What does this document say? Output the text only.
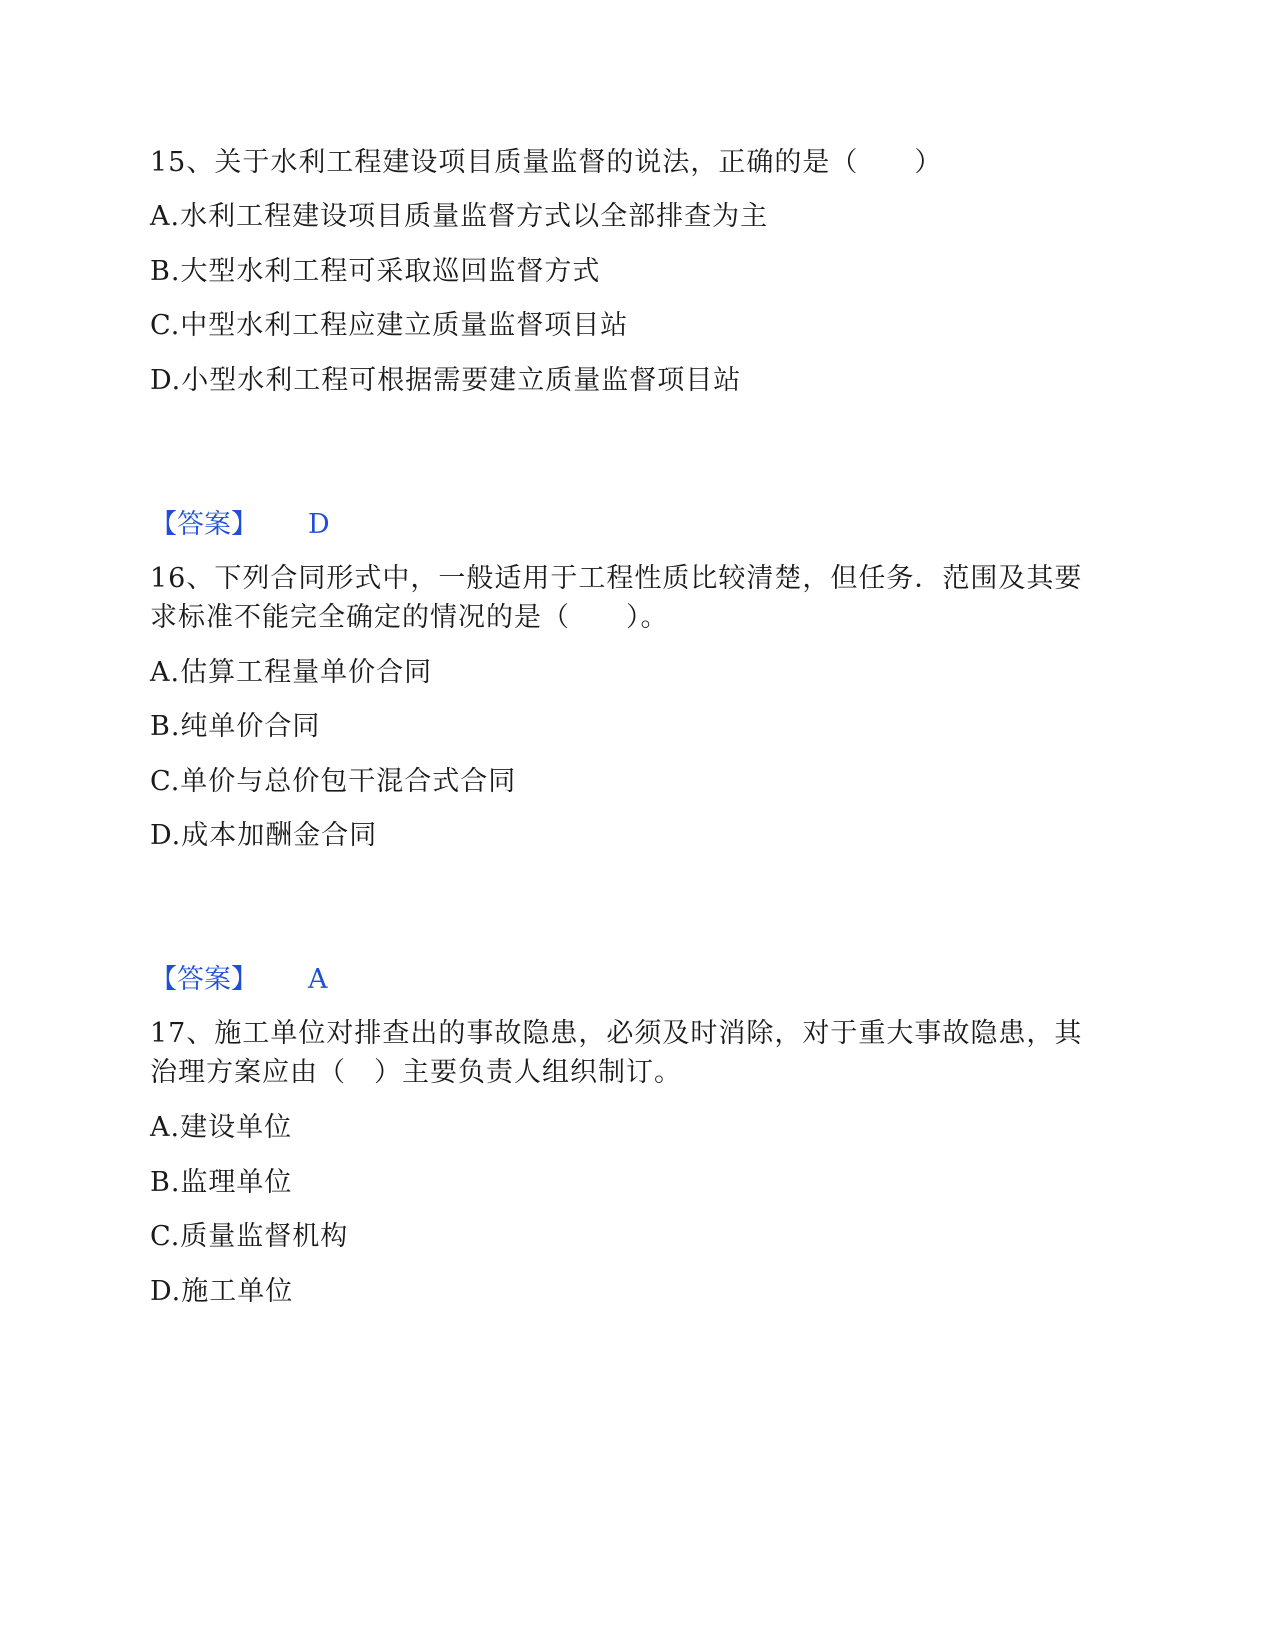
15、关于水利工程建设项目质量监督的说法，正确的是（　　）
A.水利工程建设项目质量监督方式以全部排查为主
B.大型水利工程可采取巡回监督方式
C.中型水利工程应建立质量监督项目站
D.小型水利工程可根据需要建立质量监督项目站
【答案】 D
16、下列合同形式中，一般适用于工程性质比较清楚，但任务．范围及其要
求标准不能完全确定的情况的是（　　）。
A.估算工程量单价合同
B.纯单价合同
C.单价与总价包干混合式合同
D.成本加酬金合同
【答案】 A
17、施工单位对排查出的事故隐患，必须及时消除，对于重大事故隐患，其
治理方案应由（　）主要负责人组织制订。
A.建设单位
B.监理单位
C.质量监督机构
D.施工单位
